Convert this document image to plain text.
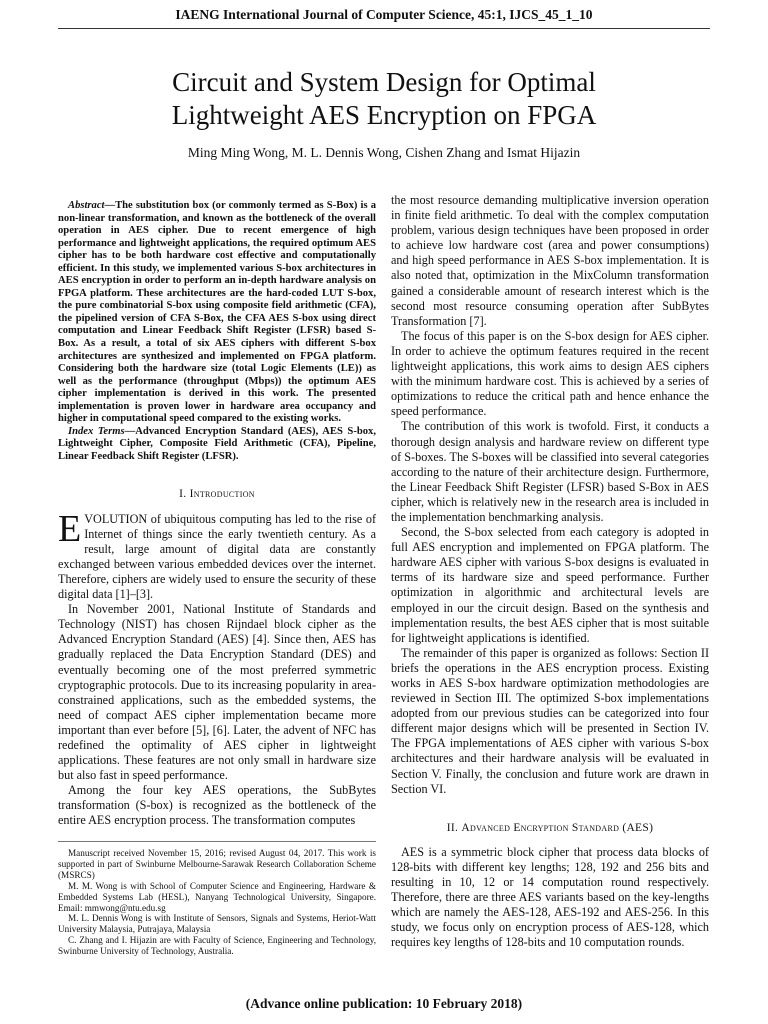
IAENG International Journal of Computer Science, 45:1, IJCS_45_1_10
Circuit and System Design for Optimal
Lightweight AES Encryption on FPGA
Ming Ming Wong, M. L. Dennis Wong, Cishen Zhang and Ismat Hijazin

Abstract—The substitution box (or commonly termed as S-Box) is a non-linear transformation, and known as the bottleneck of the overall operation in AES cipher. Due to recent emergence of high performance and lightweight applications, the required optimum AES cipher has to be both hardware cost effective and computationally efficient. In this study, we implemented various S-box architectures in AES encryption in order to perform an in-depth hardware analysis on FPGA platform. These architectures are the hard-coded LUT S-box, the pure combinatorial S-box using composite field arithmetic (CFA), the pipelined version of CFA S-Box, the CFA AES S-box using direct computation and Linear Feedback Shift Register (LFSR) based S-Box. As a result, a total of six AES ciphers with different S-box architectures are synthesized and implemented on FPGA platform. Considering both the hardware size (total Logic Elements (LE)) as well as the performance (throughput (Mbps)) the optimum AES cipher implementation is derived in this work. The presented implementation is proven lower in hardware area occupancy and higher in computational speed compared to the existing works.

Index Terms—Advanced Encryption Standard (AES), AES S-box, Lightweight Cipher, Composite Field Arithmetic (CFA), Pipeline, Linear Feedback Shift Register (LFSR).

I. Introduction

EVOLUTION of ubiquitous computing has led to the rise of Internet of things since the early twentieth century. As a result, large amount of digital data are constantly exchanged between various embedded devices over the internet. Therefore, ciphers are widely used to ensure the security of these digital data [1]–[3].

In November 2001, National Institute of Standards and Technology (NIST) has chosen Rijndael block cipher as the Advanced Encryption Standard (AES) [4]. Since then, AES has gradually replaced the Data Encryption Standard (DES) and eventually becoming one of the most preferred symmetric cryptographic protocols. Due to its increasing popularity in area-constrained applications, such as the embedded systems, the need of compact AES cipher implementation became more important than ever before [5], [6]. Later, the advent of NFC has redefined the optimality of AES cipher in lightweight applications. These features are not only small in hardware size but also fast in speed performance.

Among the four key AES operations, the SubBytes transformation (S-box) is recognized as the bottleneck of the entire AES encryption process. The transformation computes

Manuscript received November 15, 2016; revised August 04, 2017. This work is supported in part of Swinburne Melbourne-Sarawak Research Collaboration Scheme (MSRCS)

M. M. Wong is with School of Computer Science and Engineering, Hardware & Embedded Systems Lab (HESL), Nanyang Technological University, Singapore. Email: mmwong@ntu.edu.sg

M. L. Dennis Wong is with Institute of Sensors, Signals and Systems, Heriot-Watt University Malaysia, Putrajaya, Malaysia

C. Zhang and I. Hijazin are with Faculty of Science, Engineering and Technology, Swinburne University of Technology, Australia.

the most resource demanding multiplicative inversion operation in finite field arithmetic. To deal with the complex computation problem, various design techniques have been proposed in order to achieve low hardware cost (area and power consumptions) and high speed performance in AES S-box implementation. It is also noted that, optimization in the MixColumn transformation gained a considerable amount of research interest which is the second most resource consuming operation after SubBytes Transformation [7].

The focus of this paper is on the S-box design for AES cipher. In order to achieve the optimum features required in the recent lightweight applications, this work aims to design AES ciphers with the minimum hardware cost. This is achieved by a series of optimizations to reduce the critical path and hence enhance the speed performance.

The contribution of this work is twofold. First, it conducts a thorough design analysis and hardware review on different type of S-boxes. The S-boxes will be classified into several categories according to the nature of their architecture design. Furthermore, the Linear Feedback Shift Register (LFSR) based S-Box in AES cipher, which is relatively new in the research area is included in the implementation benchmarking analysis.

Second, the S-box selected from each category is adopted in full AES encryption and implemented on FPGA platform. The hardware AES cipher with various S-box designs is evaluated in terms of its hardware size and speed performance. Further optimization in algorithmic and architectural levels are employed in our the circuit design. Based on the synthesis and implementation results, the best AES cipher that is most suitable for lightweight applications is identified.

The remainder of this paper is organized as follows: Section II briefs the operations in the AES encryption process. Existing works in AES S-box hardware optimization methodologies are reviewed in Section III. The optimized S-box implementations adopted from our previous studies can be categorized into four different major designs which will be presented in Section IV. The FPGA implementations of AES cipher with various S-box architectures and their hardware analysis will be evaluated in Section V. Finally, the conclusion and future work are drawn in Section VI.

II. Advanced Encryption Standard (AES)

AES is a symmetric block cipher that process data blocks of 128-bits with different key lengths; 128, 192 and 256 bits and resulting in 10, 12 or 14 computation round respectively. Therefore, there are three AES variants based on the key-lengths which are namely the AES-128, AES-192 and AES-256. In this study, we focus only on encryption process of AES-128, which requires key lengths of 128-bits and 10 computation rounds.

(Advance online publication: 10 February 2018)
